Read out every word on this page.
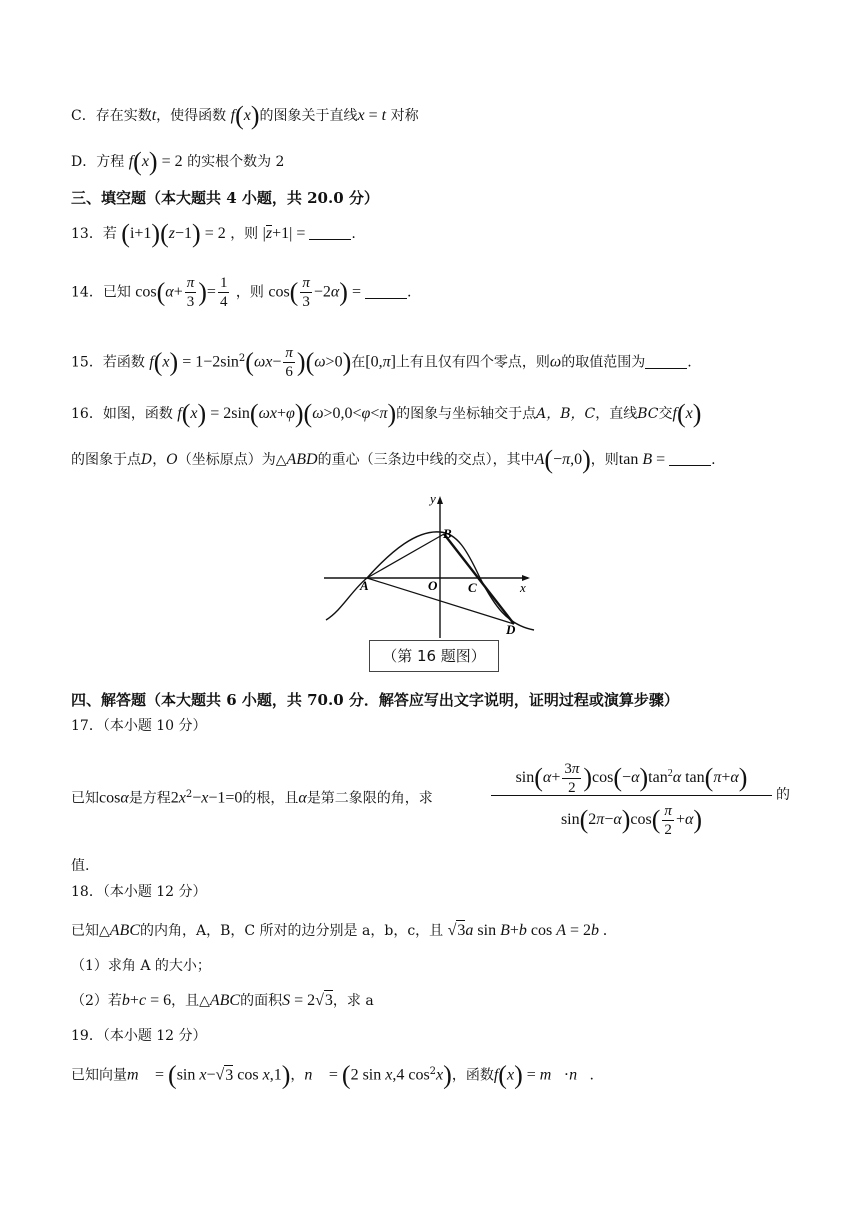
C．存在实数t，使得函数 f(x)的图象关于直线x = t 对称
D．方程 f(x) = 2 的实根个数为 2
三、填空题（本大题共 4 小题，共 20.0 分）
13．若 (i+1)(z−1) = 2 ，则 |z+1| =	.
14．已知 $\cos(\alpha+ \frac{\pi}{3}$ )= $\frac{1}{4}$ ，则 $\cos( \frac{\pi}{3} -2\alpha)$ =	.
15．若函数 $f(x) = 1-2\sin^2(\omega x- \frac{\pi}{6} )(\omega>0)$在[0,π]上有且仅有四个零点，则ω的取值范围为	.
16．如图，函数 f(x) = 2sin(ωx+φ)(ω>0,0<φ<π)的图象与坐标轴交于点A，B，C，直线BC交f(x)
的图象于点D，O（坐标原点）为△ABD的重心（三条边中线的交点），其中A(−π,0)，则tan B =	.
y
x
B
A	O C
D
（第 16 题图）
四、解答题（本大题共 6 小题，共 70.0 分．解答应写出文字说明，证明过程或演算步骤）
17．（本小题 10 分）
已知cosα是方程$2x^2-x-1=0$的根，且α是第二象限的角，求
$\sin(\alpha+ \frac{3\pi}{2} )\cos(-\alpha)\tan^2\alpha$ tan(π+α)
$\sin(2\pi-\alpha)\cos( \frac{\pi}{2} +\alpha)$
的
值.
18．（本小题 12 分）
已知△ABC的内角，A，B，C 所对的边分别是 a，b，c，且 √3a sin B+b cos A = 2b .
（1）求角 A 的大小；
（2）若b+c = 6，且△ABC的面积S = 2√3，求 a
19．（本小题 12 分）
已知向量m⃗ = (sin x−√3 cos x,1)，n⃗ = (2 sin x,4 $\cos^2x$)，函数f(x) = m⃗·n⃗.
